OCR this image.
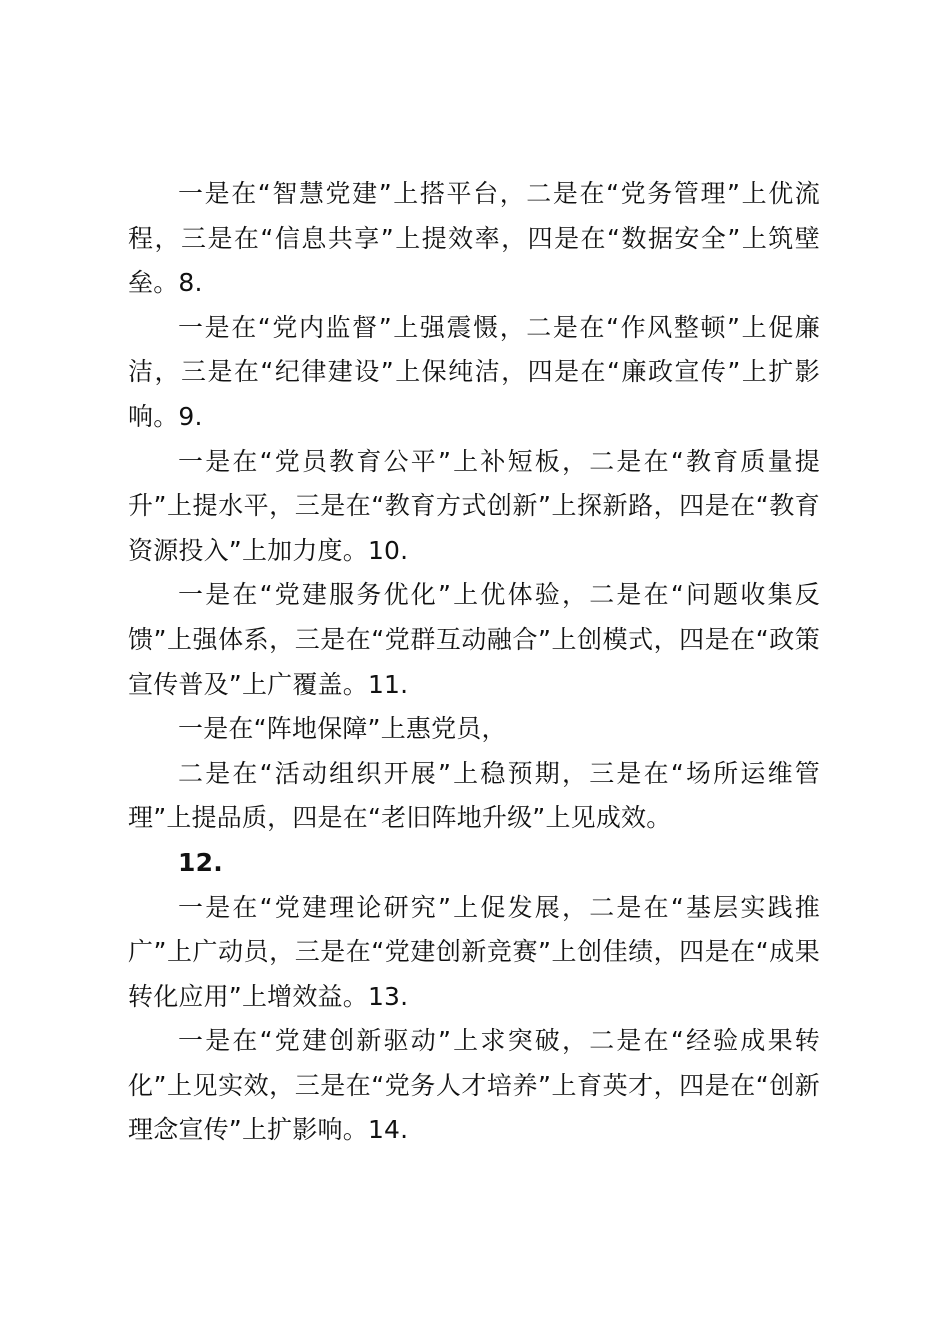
一是在“智慧党建”上搭平台，二是在“党务管理”上优流程，三是在“信息共享”上提效率，四是在“数据安全”上筑壁垒。8.

一是在“党内监督”上强震慑，二是在“作风整顿”上促廉洁，三是在“纪律建设”上保纯洁，四是在“廉政宣传”上扩影响。9.

一是在“党员教育公平”上补短板，二是在“教育质量提升”上提水平，三是在“教育方式创新”上探新路，四是在“教育资源投入”上加力度。10.

一是在“党建服务优化”上优体验，二是在“问题收集反馈”上强体系，三是在“党群互动融合”上创模式，四是在“政策宣传普及”上广覆盖。11.

一是在“阵地保障”上惠党员，

二是在“活动组织开展”上稳预期，三是在“场所运维管理”上提品质，四是在“老旧阵地升级”上见成效。

12.

一是在“党建理论研究”上促发展，二是在“基层实践推广”上广动员，三是在“党建创新竞赛”上创佳绩，四是在“成果转化应用”上增效益。13.

一是在“党建创新驱动”上求突破，二是在“经验成果转化”上见实效，三是在“党务人才培养”上育英才，四是在“创新理念宣传”上扩影响。14.
